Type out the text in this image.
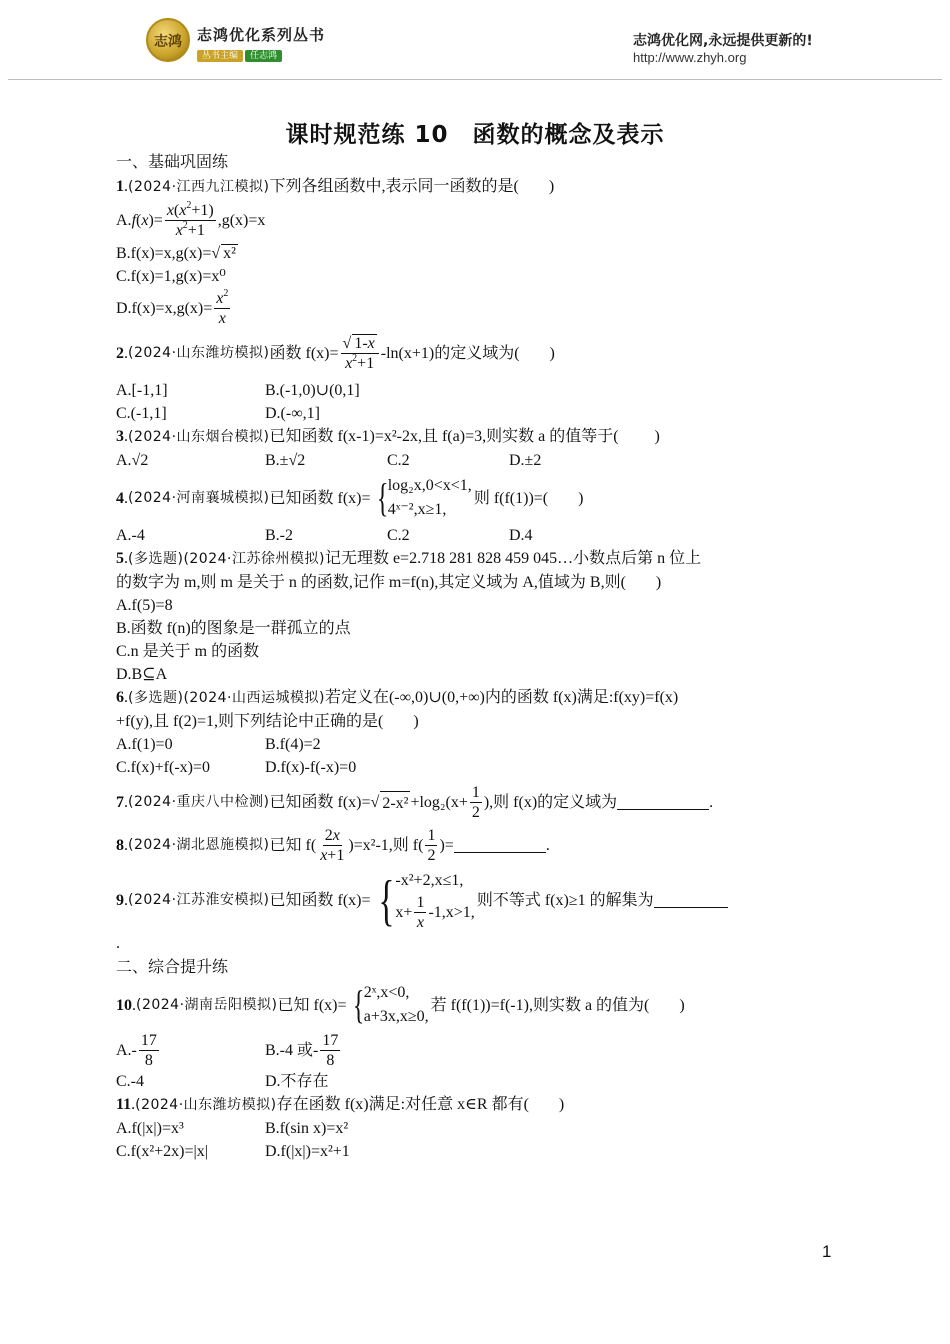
志鸿	志鸿优化系列丛书
丛书主编 任志鸿
志鸿优化网,永远提供更新的!
http://www.zhyh.org
课时规范练 10　函数的概念及表示
一、基础巩固练
1.(2024·江西九江模拟)下列各组函数中,表示同一函数的是( )
A. f ( x )= $\frac{x(x^2+1)}{x^2+1} ,g(x)=x$
B.f(x)=x,g(x)=√ x²
C.f(x)=1,g(x)=x⁰
$D.f(x)=x,g(x)= \frac{x^2}{x}$
2 . (2024·山东潍坊模拟) 函数 $f(x)= \frac{√ 1-x}{x^2+1} -\ln(x+1)$的定义域为( )
A.[-1,1]	B.(-1,0)∪(0,1]
C.(-1,1]	D.(-∞,1]
3.(2024·山东烟台模拟)已知函数 f(x-1)=x²-2x,且 f(a)=3,则实数 a 的值等于( )
A.√2	B.±√2	C.2	D.±2
4 . (2024·河南襄城模拟) 已知函数 f(x)= { log₂x,0<x<1,
4ˣ⁻²,x≥1,
则 f(f(1))=( )
A.-4	B.-2	C.2	D.4
5.(多选题)(2024·江苏徐州模拟)记无理数 e=2.718 281 828 459 045…小数点后第 n 位上
的数字为 m,则 m 是关于 n 的函数,记作 m=f(n),其定义域为 A,值域为 B,则( )
A.f(5)=8
B.函数 f(n)的图象是一群孤立的点
C.n 是关于 m 的函数
D.B⊆A
6.(多选题)(2024·山西运城模拟)若定义在(-∞,0)∪(0,+∞)内的函数 f(x)满足:f(xy)=f(x)
+f(y),且 f(2)=1,则下列结论中正确的是( )
A.f(1)=0	B.f(4)=2
C.f(x)+f(-x)=0	D.f(x)-f(-x)=0
7 . (2024·重庆八中检测) 已知函数 f(x)= √ $2-x^2 +\log_2(x+ \frac{1}{2}$ ),则 f(x)的定义域为	.
8 . (2024·湖北恩施模拟) 已知 $f( \frac{2x}{x+1} )=x^2-1$,则 $f( \frac{1}{2}$ )=	.
9 . (2024·江苏淮安模拟) 已知函数 f(x)= { -x²+2,x≤1,
$x+ \frac{1}{x} -1,x>1$,
则不等式 f(x)≥1 的解集为
.
二、综合提升练
10 . (2024·湖南岳阳模拟) 已知 f(x)= { 2ˣ,x<0,
a+3x,x≥0,
若 f(f(1))=f(-1),则实数 a 的值为( )
$A.- \frac{17}{8}$	B.-4 或- $\frac{17}{8}$
C.-4	D.不存在
11.(2024·山东潍坊模拟)存在函数 f(x)满足:对任意 x∈R 都有( )
A.f(|x|)=x³	B.f(sin x)=x²
C.f(x²+2x)=|x|	D.f(|x|)=x²+1
1
